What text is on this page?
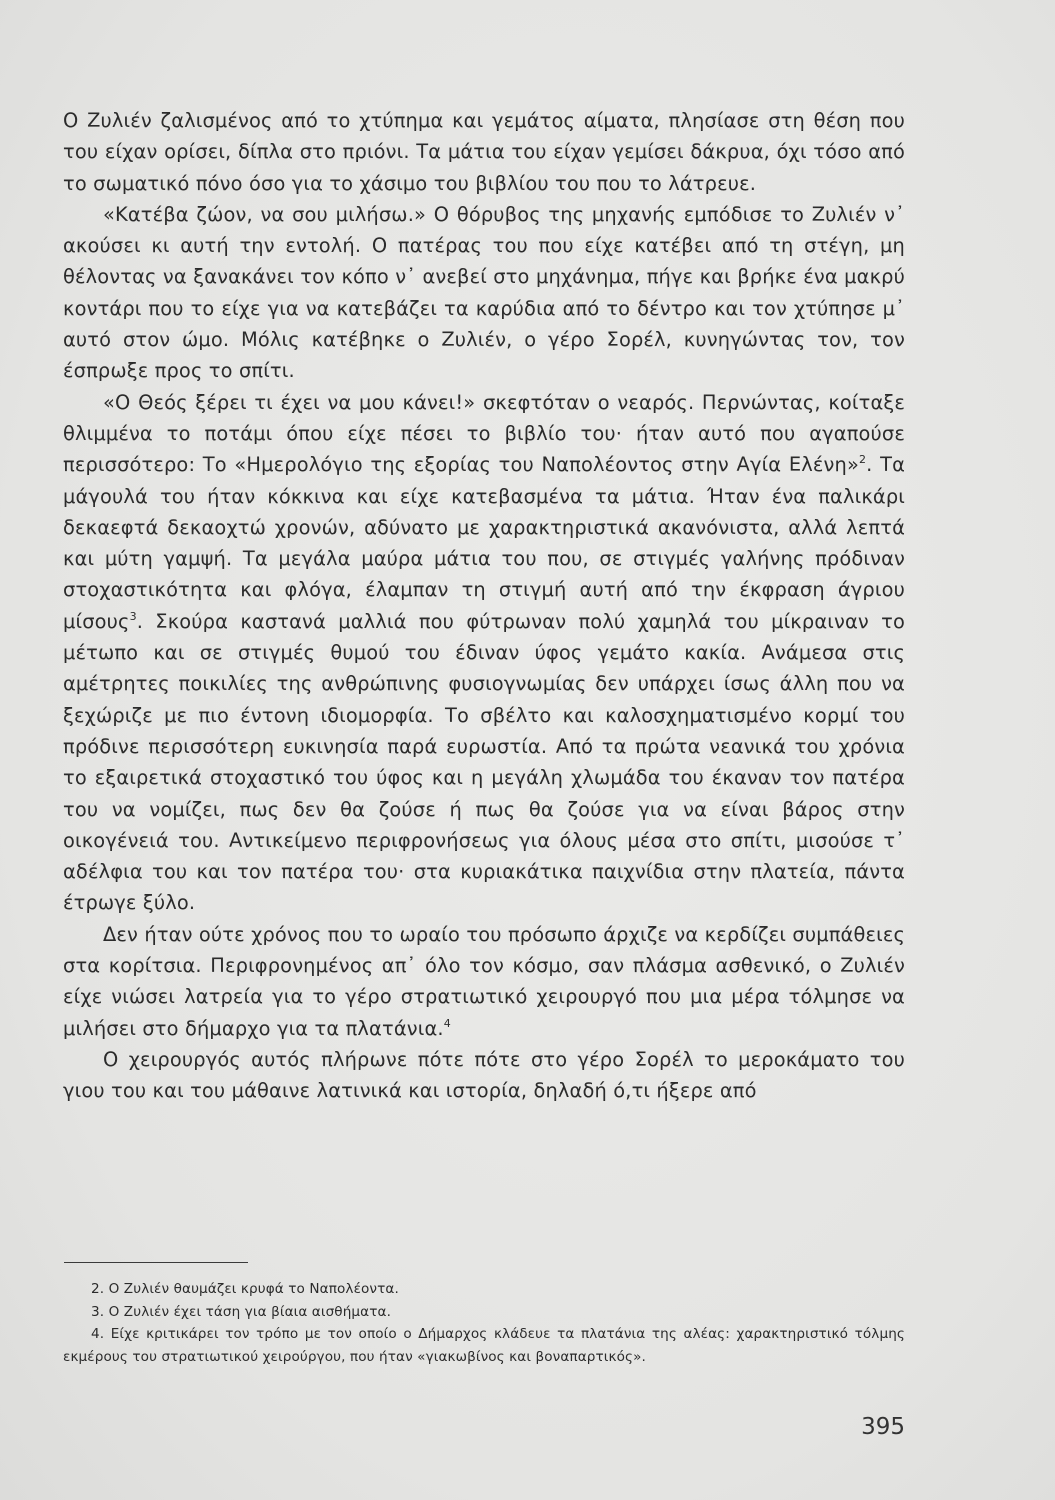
Ο Ζυλιέν ζαλισμένος από το χτύπημα και γεμάτος αίματα, πλησίασε στη θέση που του είχαν ορίσει, δίπλα στο πριόνι. Τα μάτια του είχαν γεμίσει δάκρυα, όχι τόσο από το σωματικό πόνο όσο για το χάσιμο του βιβλίου του που το λάτρευε.

«Κατέβα ζώον, να σου μιλήσω.» Ο θόρυβος της μηχανής εμπόδισε το Ζυλιέν ν᾿ ακούσει κι αυτή την εντολή. Ο πατέρας του που είχε κατέβει από τη στέγη, μη θέλοντας να ξανακάνει τον κόπο ν᾿ ανεβεί στο μηχάνημα, πήγε και βρήκε ένα μακρύ κοντάρι που το είχε για να κατεβάζει τα καρύδια από το δέντρο και τον χτύπησε μ᾿ αυτό στον ώμο. Μόλις κατέβηκε ο Ζυλιέν, ο γέρο Σορέλ, κυνηγώντας τον, τον έσπρωξε προς το σπίτι.

«Ο Θεός ξέρει τι έχει να μου κάνει!» σκεφτόταν ο νεαρός. Περνώντας, κοίταξε θλιμμένα το ποτάμι όπου είχε πέσει το βιβλίο του· ήταν αυτό που αγαπούσε περισσότερο: Το «Ημερολόγιο της εξορίας του Ναπολέοντος στην Αγία Ελένη»$^2$. Τα μάγουλά του ήταν κόκκινα και είχε κατεβασμένα τα μάτια. Ήταν ένα παλικάρι δεκαεφτά δεκαοχτώ χρονών, αδύνατο με χαρακτηριστικά ακανόνιστα, αλλά λεπτά και μύτη γαμψή. Τα μεγάλα μαύρα μάτια του που, σε στιγμές γαλήνης πρόδιναν στοχαστικότητα και φλόγα, έλαμπαν τη στιγμή αυτή από την έκφραση άγριου μίσους$^3$. Σκούρα καστανά μαλλιά που φύτρωναν πολύ χαμηλά του μίκραιναν το μέτωπο και σε στιγμές θυμού του έδιναν ύφος γεμάτο κακία. Ανάμεσα στις αμέτρητες ποικιλίες της ανθρώπινης φυσιογνωμίας δεν υπάρχει ίσως άλλη που να ξεχώριζε με πιο έντονη ιδιομορφία. Το σβέλτο και καλοσχηματισμένο κορμί του πρόδινε περισσότερη ευκινησία παρά ευρωστία. Από τα πρώτα νεανικά του χρόνια το εξαιρετικά στοχαστικό του ύφος και η μεγάλη χλωμάδα του έκαναν τον πατέρα του να νομίζει, πως δεν θα ζούσε ή πως θα ζούσε για να είναι βάρος στην οικογένειά του. Αντικείμενο περιφρονήσεως για όλους μέσα στο σπίτι, μισούσε τ᾿ αδέλφια του και τον πατέρα του· στα κυριακάτικα παιχνίδια στην πλατεία, πάντα έτρωγε ξύλο.

Δεν ήταν ούτε χρόνος που το ωραίο του πρόσωπο άρχιζε να κερδίζει συμπάθειες στα κορίτσια. Περιφρονημένος απ᾿ όλο τον κόσμο, σαν πλάσμα ασθενικό, ο Ζυλιέν είχε νιώσει λατρεία για το γέρο στρατιωτικό χειρουργό που μια μέρα τόλμησε να μιλήσει στο δήμαρχο για τα πλατάνια.$^4$

Ο χειρουργός αυτός πλήρωνε πότε πότε στο γέρο Σορέλ το μεροκάματο του γιου του και του μάθαινε λατινικά και ιστορία, δηλαδή ό,τι ήξερε από

2. Ο Ζυλιέν θαυμάζει κρυφά το Ναπολέοντα.

3. Ο Ζυλιέν έχει τάση για βίαια αισθήματα.

4. Είχε κριτικάρει τον τρόπο με τον οποίο ο Δήμαρχος κλάδευε τα πλατάνια της αλέας: χαρακτηριστικό τόλμης εκμέρους του στρατιωτικού χειρούργου, που ήταν «γιακωβίνος και βοναπαρτικός».

395
